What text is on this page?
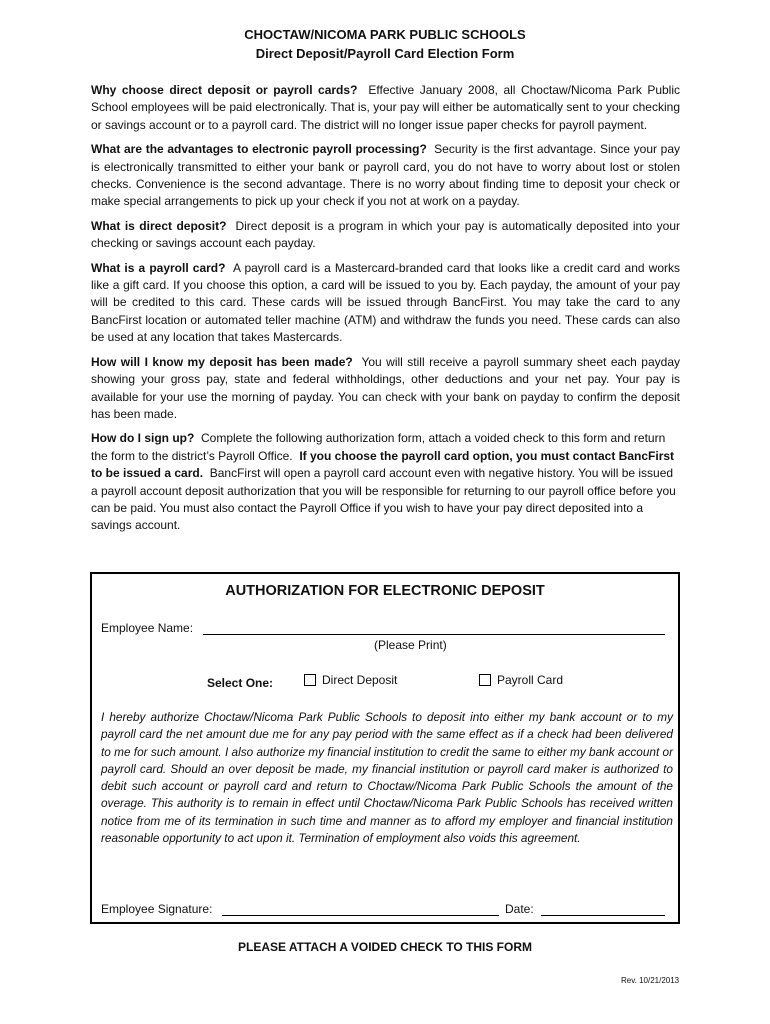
CHOCTAW/NICOMA PARK PUBLIC SCHOOLS
Direct Deposit/Payroll Card Election Form

Why choose direct deposit or payroll cards? Effective January 2008, all Choctaw/Nicoma Park Public School employees will be paid electronically. That is, your pay will either be automatically sent to your checking or savings account or to a payroll card. The district will no longer issue paper checks for payroll payment.

What are the advantages to electronic payroll processing? Security is the first advantage. Since your pay is electronically transmitted to either your bank or payroll card, you do not have to worry about lost or stolen checks. Convenience is the second advantage. There is no worry about finding time to deposit your check or make special arrangements to pick up your check if you not at work on a payday.

What is direct deposit? Direct deposit is a program in which your pay is automatically deposited into your checking or savings account each payday.

What is a payroll card? A payroll card is a Mastercard-branded card that looks like a credit card and works like a gift card. If you choose this option, a card will be issued to you by. Each payday, the amount of your pay will be credited to this card. These cards will be issued through BancFirst. You may take the card to any BancFirst location or automated teller machine (ATM) and withdraw the funds you need. These cards can also be used at any location that takes Mastercards.

How will I know my deposit has been made? You will still receive a payroll summary sheet each payday showing your gross pay, state and federal withholdings, other deductions and your net pay. Your pay is available for your use the morning of payday. You can check with your bank on payday to confirm the deposit has been made.

How do I sign up? Complete the following authorization form, attach a voided check to this form and return the form to the district’s Payroll Office. If you choose the payroll card option, you must contact BancFirst to be issued a card. BancFirst will open a payroll card account even with negative history. You will be issued a payroll account deposit authorization that you will be responsible for returning to our payroll office before you can be paid. You must also contact the Payroll Office if you wish to have your pay direct deposited into a savings account.

AUTHORIZATION FOR ELECTRONIC DEPOSIT
Employee Name:
(Please Print)
Select One:	Direct Deposit	Payroll Card

I hereby authorize Choctaw/Nicoma Park Public Schools to deposit into either my bank account or to my payroll card the net amount due me for any pay period with the same effect as if a check had been delivered to me for such amount. I also authorize my financial institution to credit the same to either my bank account or payroll card. Should an over deposit be made, my financial institution or payroll card maker is authorized to debit such account or payroll card and return to Choctaw/Nicoma Park Public Schools the amount of the overage. This authority is to remain in effect until Choctaw/Nicoma Park Public Schools has received written notice from me of its termination in such time and manner as to afford my employer and financial institution reasonable opportunity to act upon it. Termination of employment also voids this agreement.

Employee Signature:	Date:
PLEASE ATTACH A VOIDED CHECK TO THIS FORM
Rev. 10/21/2013
